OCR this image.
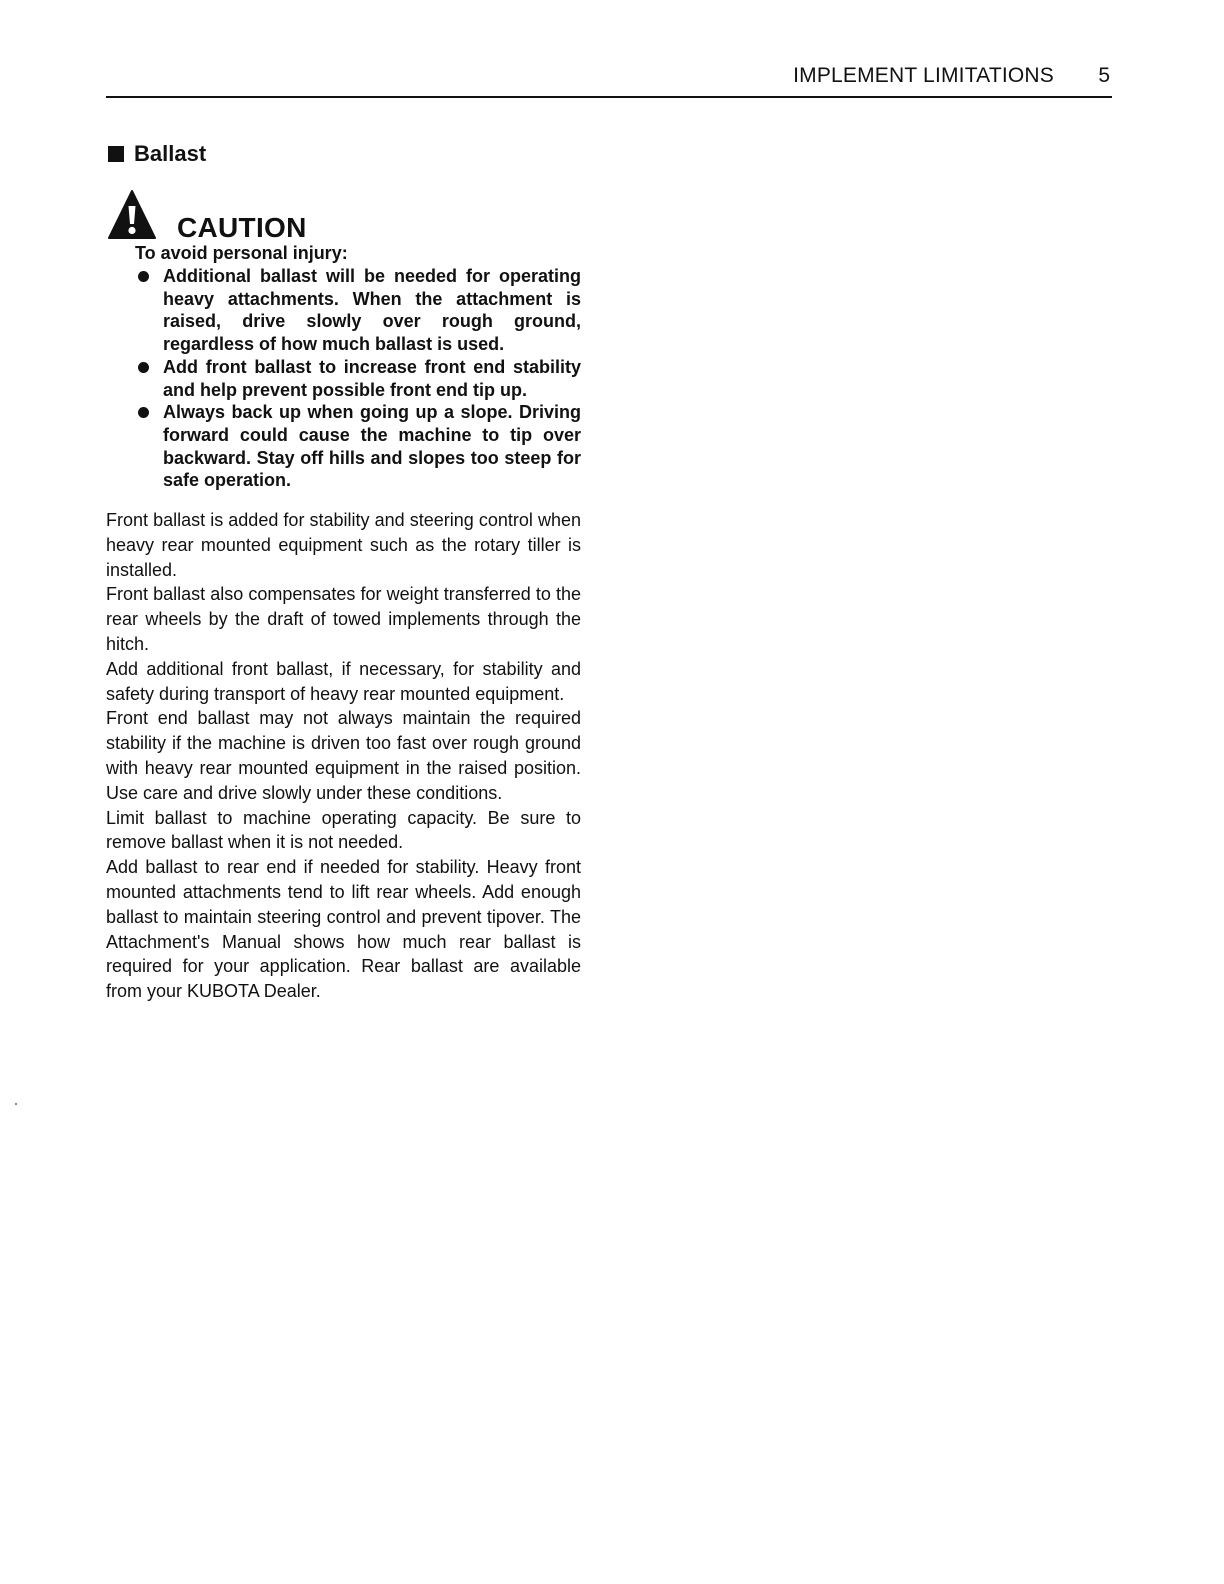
IMPLEMENT LIMITATIONS 5
Ballast
CAUTION
To avoid personal injury:
Additional ballast will be needed for operating heavy attachments. When the attachment is raised, drive slowly over rough ground, regardless of how much ballast is used.
Add front ballast to increase front end stability and help prevent possible front end tip up.
Always back up when going up a slope. Driving forward could cause the machine to tip over backward. Stay off hills and slopes too steep for safe operation.

Front ballast is added for stability and steering control when heavy rear mounted equipment such as the rotary tiller is installed.

Front ballast also compensates for weight transferred to the rear wheels by the draft of towed implements through the hitch.

Add additional front ballast, if necessary, for stability and safety during transport of heavy rear mounted equipment.

Front end ballast may not always maintain the required stability if the machine is driven too fast over rough ground with heavy rear mounted equipment in the raised position. Use care and drive slowly under these conditions.

Limit ballast to machine operating capacity. Be sure to remove ballast when it is not needed.

Add ballast to rear end if needed for stability. Heavy front mounted attachments tend to lift rear wheels. Add enough ballast to maintain steering control and prevent tipover. The Attachment's Manual shows how much rear ballast is required for your application. Rear ballast are available from your KUBOTA Dealer.
